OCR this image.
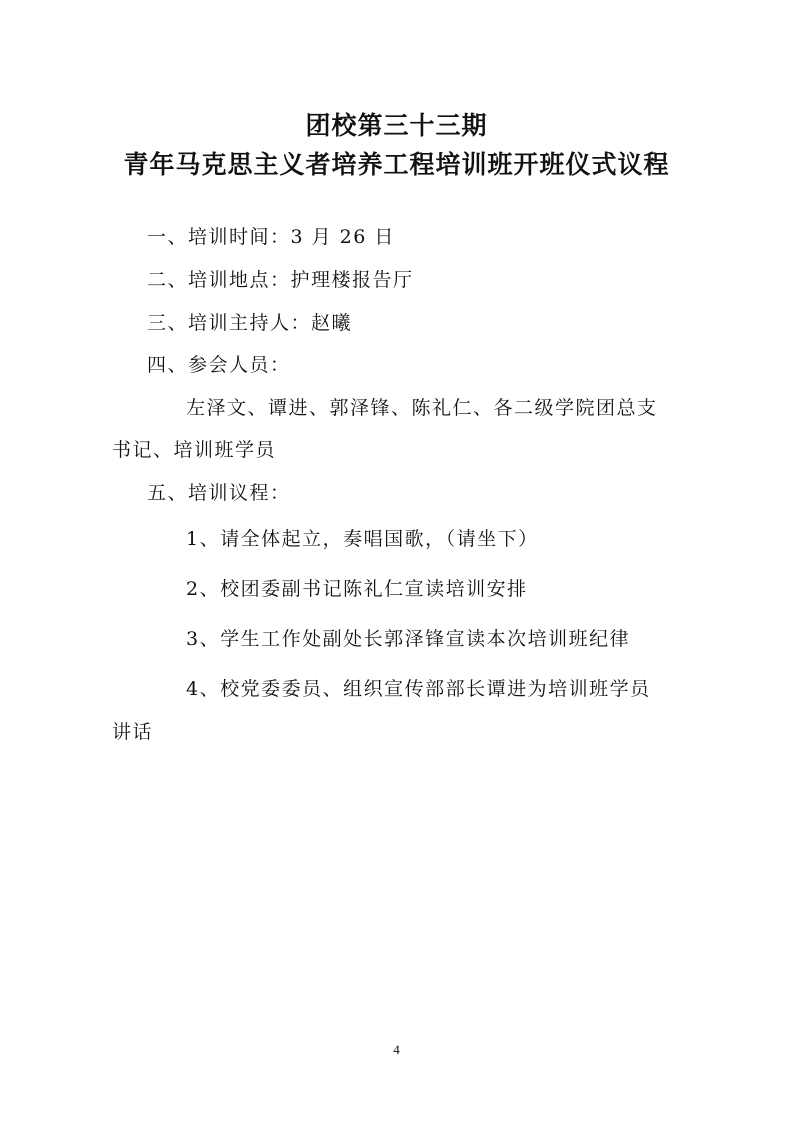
团校第三十三期
青年马克思主义者培养工程培训班开班仪式议程
一、培训时间：3 月 26 日
二、培训地点：护理楼报告厅
三、培训主持人：赵曦
四、参会人员：
左泽文、谭进、郭泽锋、陈礼仁、各二级学院团总支
书记、培训班学员
五、培训议程：
1、请全体起立，奏唱国歌，（请坐下）
2、校团委副书记陈礼仁宣读培训安排
3、学生工作处副处长郭泽锋宣读本次培训班纪律
4、校党委委员、组织宣传部部长谭进为培训班学员
讲话
4
